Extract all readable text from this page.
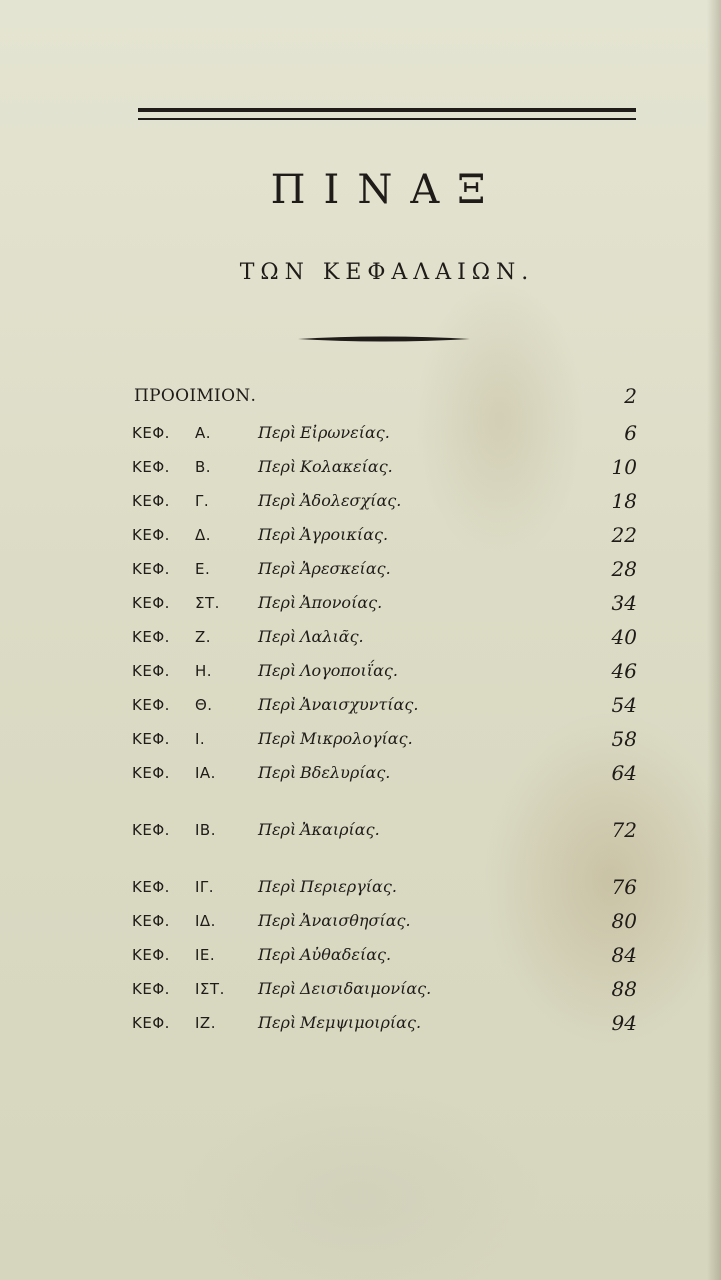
ΠΙΝΑΞ
ΤΩΝ ΚΕΦΑΛΑΙΩΝ.
ΠΡΟΟΙΜΙΟΝ.	2
ΚΕΦ. Α.	Περὶ Εἰρωνείας.	6
ΚΕΦ. Β.	Περὶ Κολακείας.	10
ΚΕΦ. Γ.	Περὶ Ἀδολεσχίας.	18
ΚΕΦ. Δ.	Περὶ Ἀγροικίας.	22
ΚΕΦ. Ε.	Περὶ Ἀρεσκείας.	28
ΚΕΦ. ΣΤ. Περὶ Ἀπονοίας.	34
ΚΕΦ. Ζ.	Περὶ Λαλιᾶς.	40
ΚΕΦ. Η.	Περὶ Λογοποιΐας.	46
ΚΕΦ. Θ.	Περὶ Ἀναισχυντίας.	54
ΚΕΦ. Ι.	Περὶ Μικρολογίας.	58
ΚΕΦ. ΙΑ.	Περὶ Βδελυρίας.	64
ΚΕΦ. ΙΒ.	Περὶ Ἀκαιρίας.	72
ΚΕΦ. ΙΓ.	Περὶ Περιεργίας.	76
ΚΕΦ. ΙΔ.	Περὶ Ἀναισθησίας.	80
ΚΕΦ. ΙΕ.	Περὶ Αὐθαδείας.	84
ΚΕΦ. ΙΣΤ. Περὶ Δεισιδαιμονίας.	88
ΚΕΦ. ΙΖ.	Περὶ Μεμψιμοιρίας.	94
